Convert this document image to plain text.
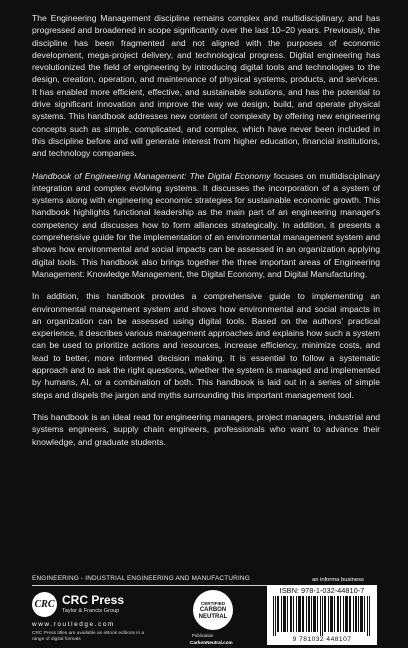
The Engineering Management discipline remains complex and multidisciplinary, and has progressed and broadened in scope significantly over the last 10–20 years. Previously, the discipline has been fragmented and not aligned with the purposes of economic development, mega-project delivery, and technological progress. Digital engineering has revolutionized the field of engineering by introducing digital tools and technologies to the design, creation, operation, and maintenance of physical systems, products, and services. It has enabled more efficient, effective, and sustainable solutions, and has the potential to drive significant innovation and improve the way we design, build, and operate physical systems. This handbook addresses new content of complexity by offering new engineering concepts such as simple, complicated, and complex, which have never been included in this discipline before and will generate interest from higher education, financial institutions, and technology companies.

Handbook of Engineering Management: The Digital Economy focuses on multidisciplinary integration and complex evolving systems. It discusses the incorporation of a system of systems along with engineering economic strategies for sustainable economic growth. This handbook highlights functional leadership as the main part of an engineering manager's competency and discusses how to form alliances strategically. In addition, it presents a comprehensive guide for the implementation of an environmental management system and shows how environmental and social impacts can be assessed in an organization applying digital tools. This handbook also brings together the three important areas of Engineering Management: Knowledge Management, the Digital Economy, and Digital Manufacturing.

In addition, this handbook provides a comprehensive guide to implementing an environmental management system and shows how environmental and social impacts in an organization can be assessed using digital tools. Based on the authors' practical experience, it describes various management approaches and explains how such a system can be used to prioritize actions and resources, increase efficiency, minimize costs, and lead to better, more informed decision making. It is essential to follow a systematic approach and to ask the right questions, whether the system is managed and implemented by humans, AI, or a combination of both. This handbook is laid out in a series of simple steps and dispels the jargon and myths surrounding this important management tool.

This handbook is an ideal read for engineering managers, project managers, industrial and systems engineers, supply chain engineers, professionals who want to advance their knowledge, and graduate students.

ENGINEERING - INDUSTRIAL ENGINEERING AND MANUFACTURING
CRC CRC Press
Taylor & Francis Group
www.routledge.com
CRC Press titles are available as eBook editions in a range of digital formats
CERTIFIED
CARBON
NEUTRAL
Publication
CarbonNeutral.com
an informa business
ISBN: 978-1-032-44810-7
9 781032 448107
